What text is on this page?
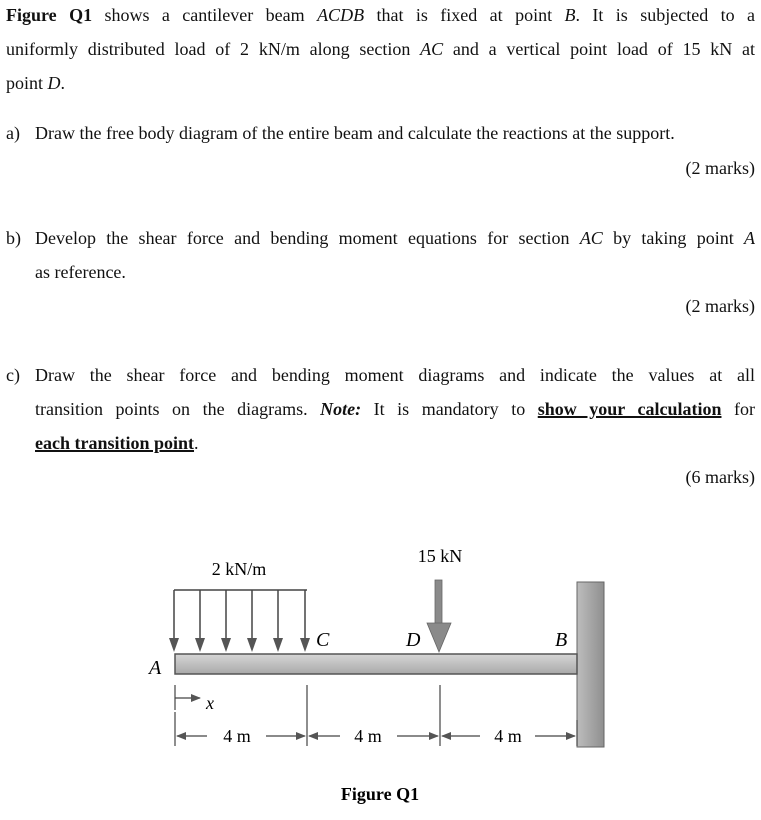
Figure Q1 shows a cantilever beam ACDB that is fixed at point B. It is subjected to a
uniformly distributed load of 2 kN/m along section AC and a vertical point load of 15 kN at
point D.
a) Draw the free body diagram of the entire beam and calculate the reactions at the support.
(2 marks)
b) Develop the shear force and bending moment equations for section AC by taking point A
as reference.
(2 marks)
c) Draw the shear force and bending moment diagrams and indicate the values at all
transition points on the diagrams. Note: It is mandatory to show your calculation for
each transition point.
(6 marks)
2 kN/m
15 kN
A
C	D	B
x
4 m	4 m	4 m
Figure Q1
